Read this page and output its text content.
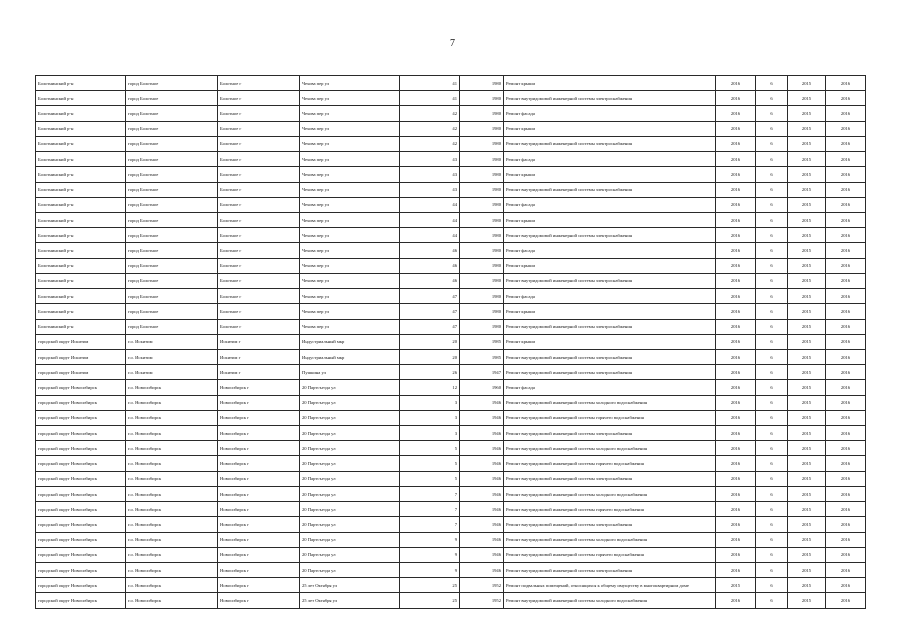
7
Болотнинский р-н	город Болотное	Болотное г	Чехова пер ул	41	1980	Ремонт крыши	2016	6	2015	2016
Болотнинский р-н	город Болотное	Болотное г	Чехова пер ул	41	1980	Ремонт внутридомовой инженерной системы электроснабжения	2016	6	2015	2016
Болотнинский р-н	город Болотное	Болотное г	Чехова пер ул	42	1980	Ремонт фасада	2016	6	2015	2016
Болотнинский р-н	город Болотное	Болотное г	Чехова пер ул	42	1980	Ремонт крыши	2016	6	2015	2016
Болотнинский р-н	город Болотное	Болотное г	Чехова пер ул	42	1980	Ремонт внутридомовой инженерной системы электроснабжения	2016	6	2015	2016
Болотнинский р-н	город Болотное	Болотное г	Чехова пер ул	43	1980	Ремонт фасада	2016	6	2015	2016
Болотнинский р-н	город Болотное	Болотное г	Чехова пер ул	43	1980	Ремонт крыши	2016	6	2015	2016
Болотнинский р-н	город Болотное	Болотное г	Чехова пер ул	43	1980	Ремонт внутридомовой инженерной системы электроснабжения	2016	6	2015	2016
Болотнинский р-н	город Болотное	Болотное г	Чехова пер ул	44	1980	Ремонт фасада	2016	6	2015	2016
Болотнинский р-н	город Болотное	Болотное г	Чехова пер ул	44	1980	Ремонт крыши	2016	6	2015	2016
Болотнинский р-н	город Болотное	Болотное г	Чехова пер ул	44	1980	Ремонт внутридомовой инженерной системы электроснабжения	2016	6	2015	2016
Болотнинский р-н	город Болотное	Болотное г	Чехова пер ул	46	1980	Ремонт фасада	2016	6	2015	2016
Болотнинский р-н	город Болотное	Болотное г	Чехова пер ул	46	1980	Ремонт крыши	2016	6	2015	2016
Болотнинский р-н	город Болотное	Болотное г	Чехова пер ул	46	1980	Ремонт внутридомовой инженерной системы электроснабжения	2016	6	2015	2016
Болотнинский р-н	город Болотное	Болотное г	Чехова пер ул	47	1980	Ремонт фасада	2016	6	2015	2016
Болотнинский р-н	город Болотное	Болотное г	Чехова пер ул	47	1980	Ремонт крыши	2016	6	2015	2016
Болотнинский р-н	город Болотное	Болотное г	Чехова пер ул	47	1980	Ремонт внутридомовой инженерной системы электроснабжения	2016	6	2015	2016
городской округ Искитим	г.о. Искитим	Искитим г	Индустриальный мкр	20	1985	Ремонт крыши	2016	6	2015	2016
городской округ Искитим	г.о. Искитим	Искитим г	Индустриальный мкр	20	1985	Ремонт внутридомовой инженерной системы электроснабжения	2016	6	2015	2016
городской округ Искитим	г.о. Искитим	Искитим г	Пушкина ул	26	1947	Ремонт внутридомовой инженерной системы электроснабжения	2016	6	2015	2016
городской округ Новосибирск	г.о. Новосибирск	Новосибирск г	20 Партсъезда ул	12	1960	Ремонт фасада	2016	6	2015	2016
городской округ Новосибирск	г.о. Новосибирск	Новосибирск г	20 Партсъезда ул	3	1946	Ремонт внутридомовой инженерной системы холодного водоснабжения	2016	6	2015	2016
городской округ Новосибирск	г.о. Новосибирск	Новосибирск г	20 Партсъезда ул	3	1946	Ремонт внутридомовой инженерной системы горячего водоснабжения	2016	6	2015	2016
городской округ Новосибирск	г.о. Новосибирск	Новосибирск г	20 Партсъезда ул	3	1946	Ремонт внутридомовой инженерной системы электроснабжения	2016	6	2015	2016
городской округ Новосибирск	г.о. Новосибирск	Новосибирск г	20 Партсъезда ул	5	1946	Ремонт внутридомовой инженерной системы холодного водоснабжения	2016	6	2015	2016
городской округ Новосибирск	г.о. Новосибирск	Новосибирск г	20 Партсъезда ул	5	1946	Ремонт внутридомовой инженерной системы горячего водоснабжения	2016	6	2015	2016
городской округ Новосибирск	г.о. Новосибирск	Новосибирск г	20 Партсъезда ул	5	1946	Ремонт внутридомовой инженерной системы электроснабжения	2016	6	2015	2016
городской округ Новосибирск	г.о. Новосибирск	Новосибирск г	20 Партсъезда ул	7	1946	Ремонт внутридомовой инженерной системы холодного водоснабжения	2016	6	2015	2016
городской округ Новосибирск	г.о. Новосибирск	Новосибирск г	20 Партсъезда ул	7	1946	Ремонт внутридомовой инженерной системы горячего водоснабжения	2016	6	2015	2016
городской округ Новосибирск	г.о. Новосибирск	Новосибирск г	20 Партсъезда ул	7	1946	Ремонт внутридомовой инженерной системы электроснабжения	2016	6	2015	2016
городской округ Новосибирск	г.о. Новосибирск	Новосибирск г	20 Партсъезда ул	9	1946	Ремонт внутридомовой инженерной системы холодного водоснабжения	2016	6	2015	2016
городской округ Новосибирск	г.о. Новосибирск	Новосибирск г	20 Партсъезда ул	9	1946	Ремонт внутридомовой инженерной системы горячего водоснабжения	2016	6	2015	2016
городской округ Новосибирск	г.о. Новосибирск	Новосибирск г	20 Партсъезда ул	9	1946	Ремонт внутридомовой инженерной системы электроснабжения	2016	6	2015	2016
городской округ Новосибирск	г.о. Новосибирск	Новосибирск г	25 лет Октября ул	25	1952	Ремонт подвальных помещений, относящихся к общему имуществу в многоквартирном доме	2015	6	2015	2016
городской округ Новосибирск	г.о. Новосибирск	Новосибирск г	25 лет Октября ул	25	1952	Ремонт внутридомовой инженерной системы холодного водоснабжения	2016	6	2015	2016
